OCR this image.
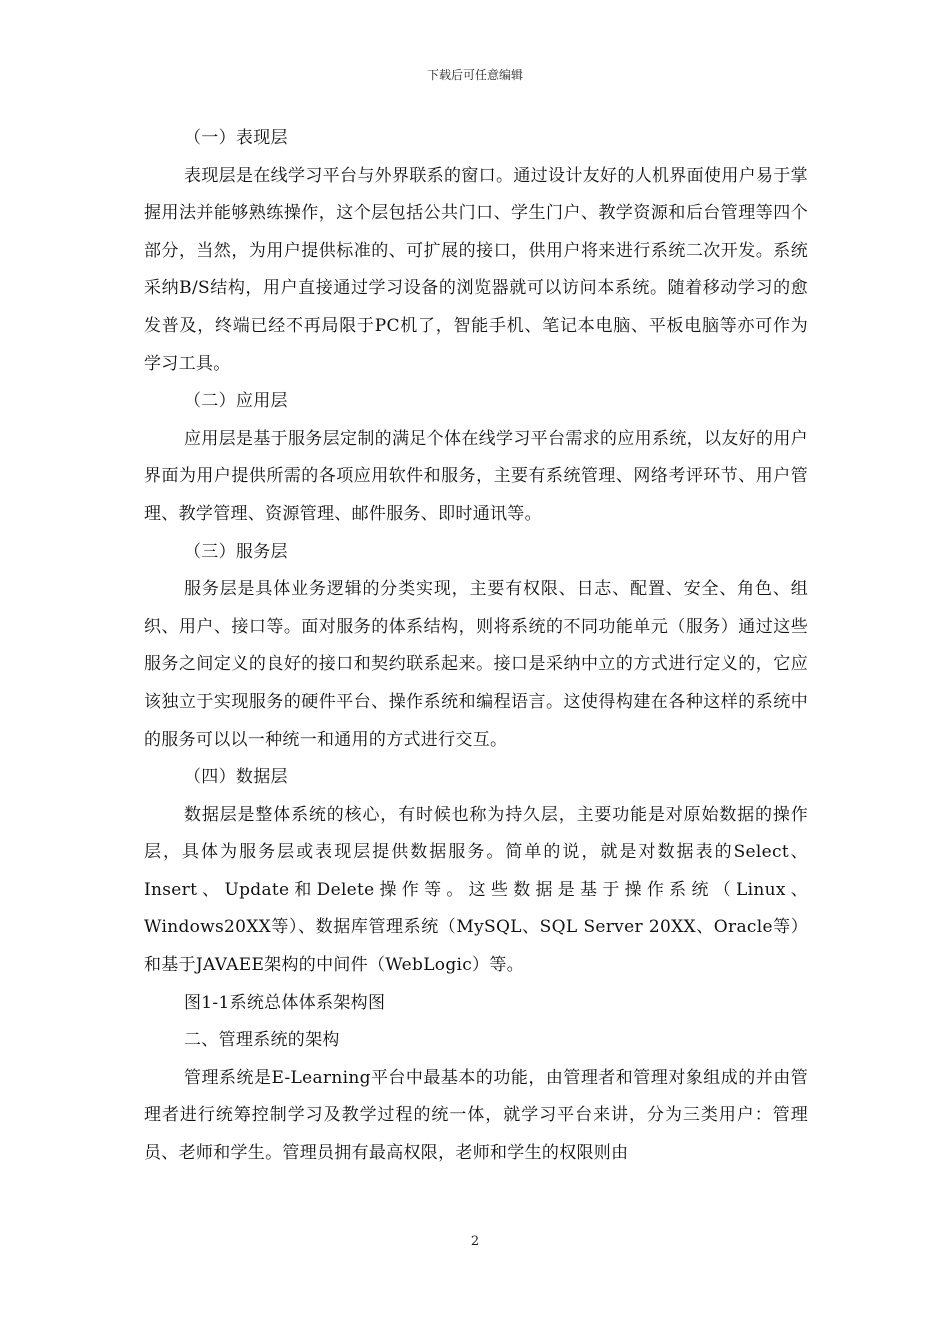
下载后可任意编辑

（一）表现层

表现层是在线学习平台与外界联系的窗口。通过设计友好的人机界面使用户易于掌握用法并能够熟练操作，这个层包括公共门口、学生门户、教学资源和后台管理等四个部分，当然，为用户提供标准的、可扩展的接口，供用户将来进行系统二次开发。系统采纳B/S结构，用户直接通过学习设备的浏览器就可以访问本系统。随着移动学习的愈发普及，终端已经不再局限于PC机了，智能手机、笔记本电脑、平板电脑等亦可作为学习工具。

（二）应用层

应用层是基于服务层定制的满足个体在线学习平台需求的应用系统，以友好的用户界面为用户提供所需的各项应用软件和服务，主要有系统管理、网络考评环节、用户管理、教学管理、资源管理、邮件服务、即时通讯等。

（三）服务层

服务层是具体业务逻辑的分类实现，主要有权限、日志、配置、安全、角色、组织、用户、接口等。面对服务的体系结构，则将系统的不同功能单元（服务）通过这些服务之间定义的良好的接口和契约联系起来。接口是采纳中立的方式进行定义的，它应该独立于实现服务的硬件平台、操作系统和编程语言。这使得构建在各种这样的系统中的服务可以以一种统一和通用的方式进行交互。

（四）数据层

数据层是整体系统的核心，有时候也称为持久层，主要功能是对原始数据的操作层，具体为服务层或表现层提供数据服务。简单的说，就是对数据表的Select、Insert、Update和Delete操作等。这些数据是基于操作系统（Linux、Windows20XX等）、数据库管理系统（MySQL、SQL Server 20XX、Oracle等）和基于JAVAEE架构的中间件（WebLogic）等。

图1-1系统总体体系架构图

二、管理系统的架构

管理系统是E-Learning平台中最基本的功能，由管理者和管理对象组成的并由管理者进行统筹控制学习及教学过程的统一体，就学习平台来讲，分为三类用户：管理员、老师和学生。管理员拥有最高权限，老师和学生的权限则由

2
